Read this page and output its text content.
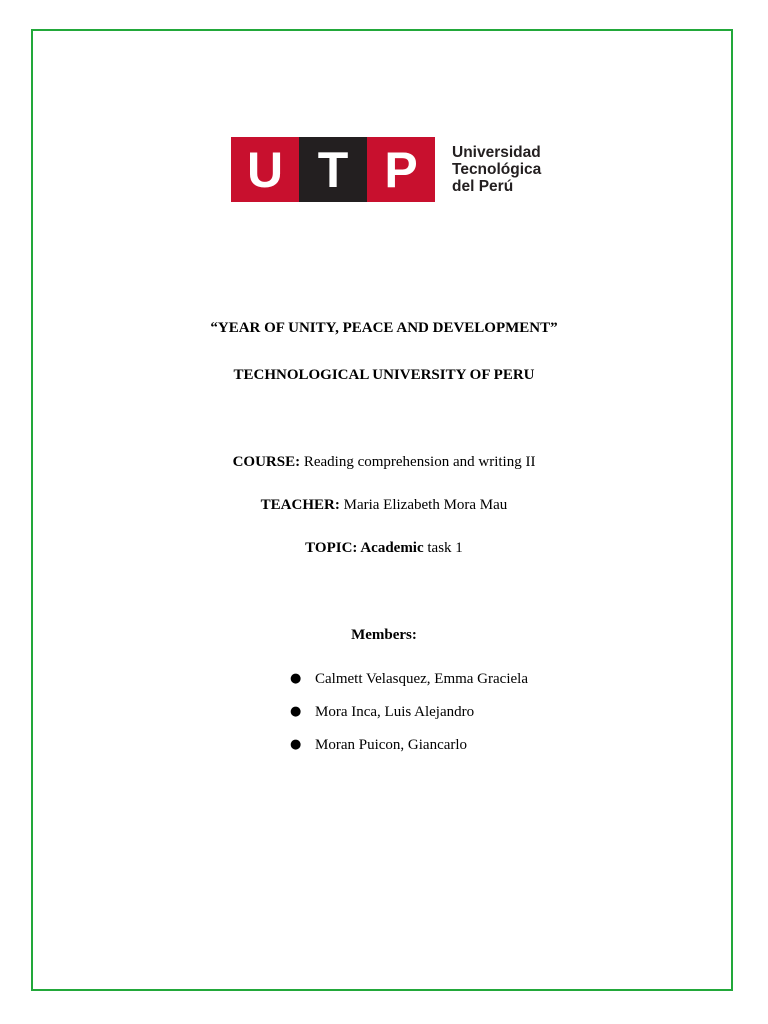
U T P	Universidad
Tecnológica
del Perú
“YEAR OF UNITY, PEACE AND DEVELOPMENT”
TECHNOLOGICAL UNIVERSITY OF PERU
COURSE: Reading comprehension and writing II
TEACHER: Maria Elizabeth Mora Mau
TOPIC: Academic task 1
Members:
● Calmett Velasquez, Emma Graciela
● Mora Inca, Luis Alejandro
● Moran Puicon, Giancarlo
